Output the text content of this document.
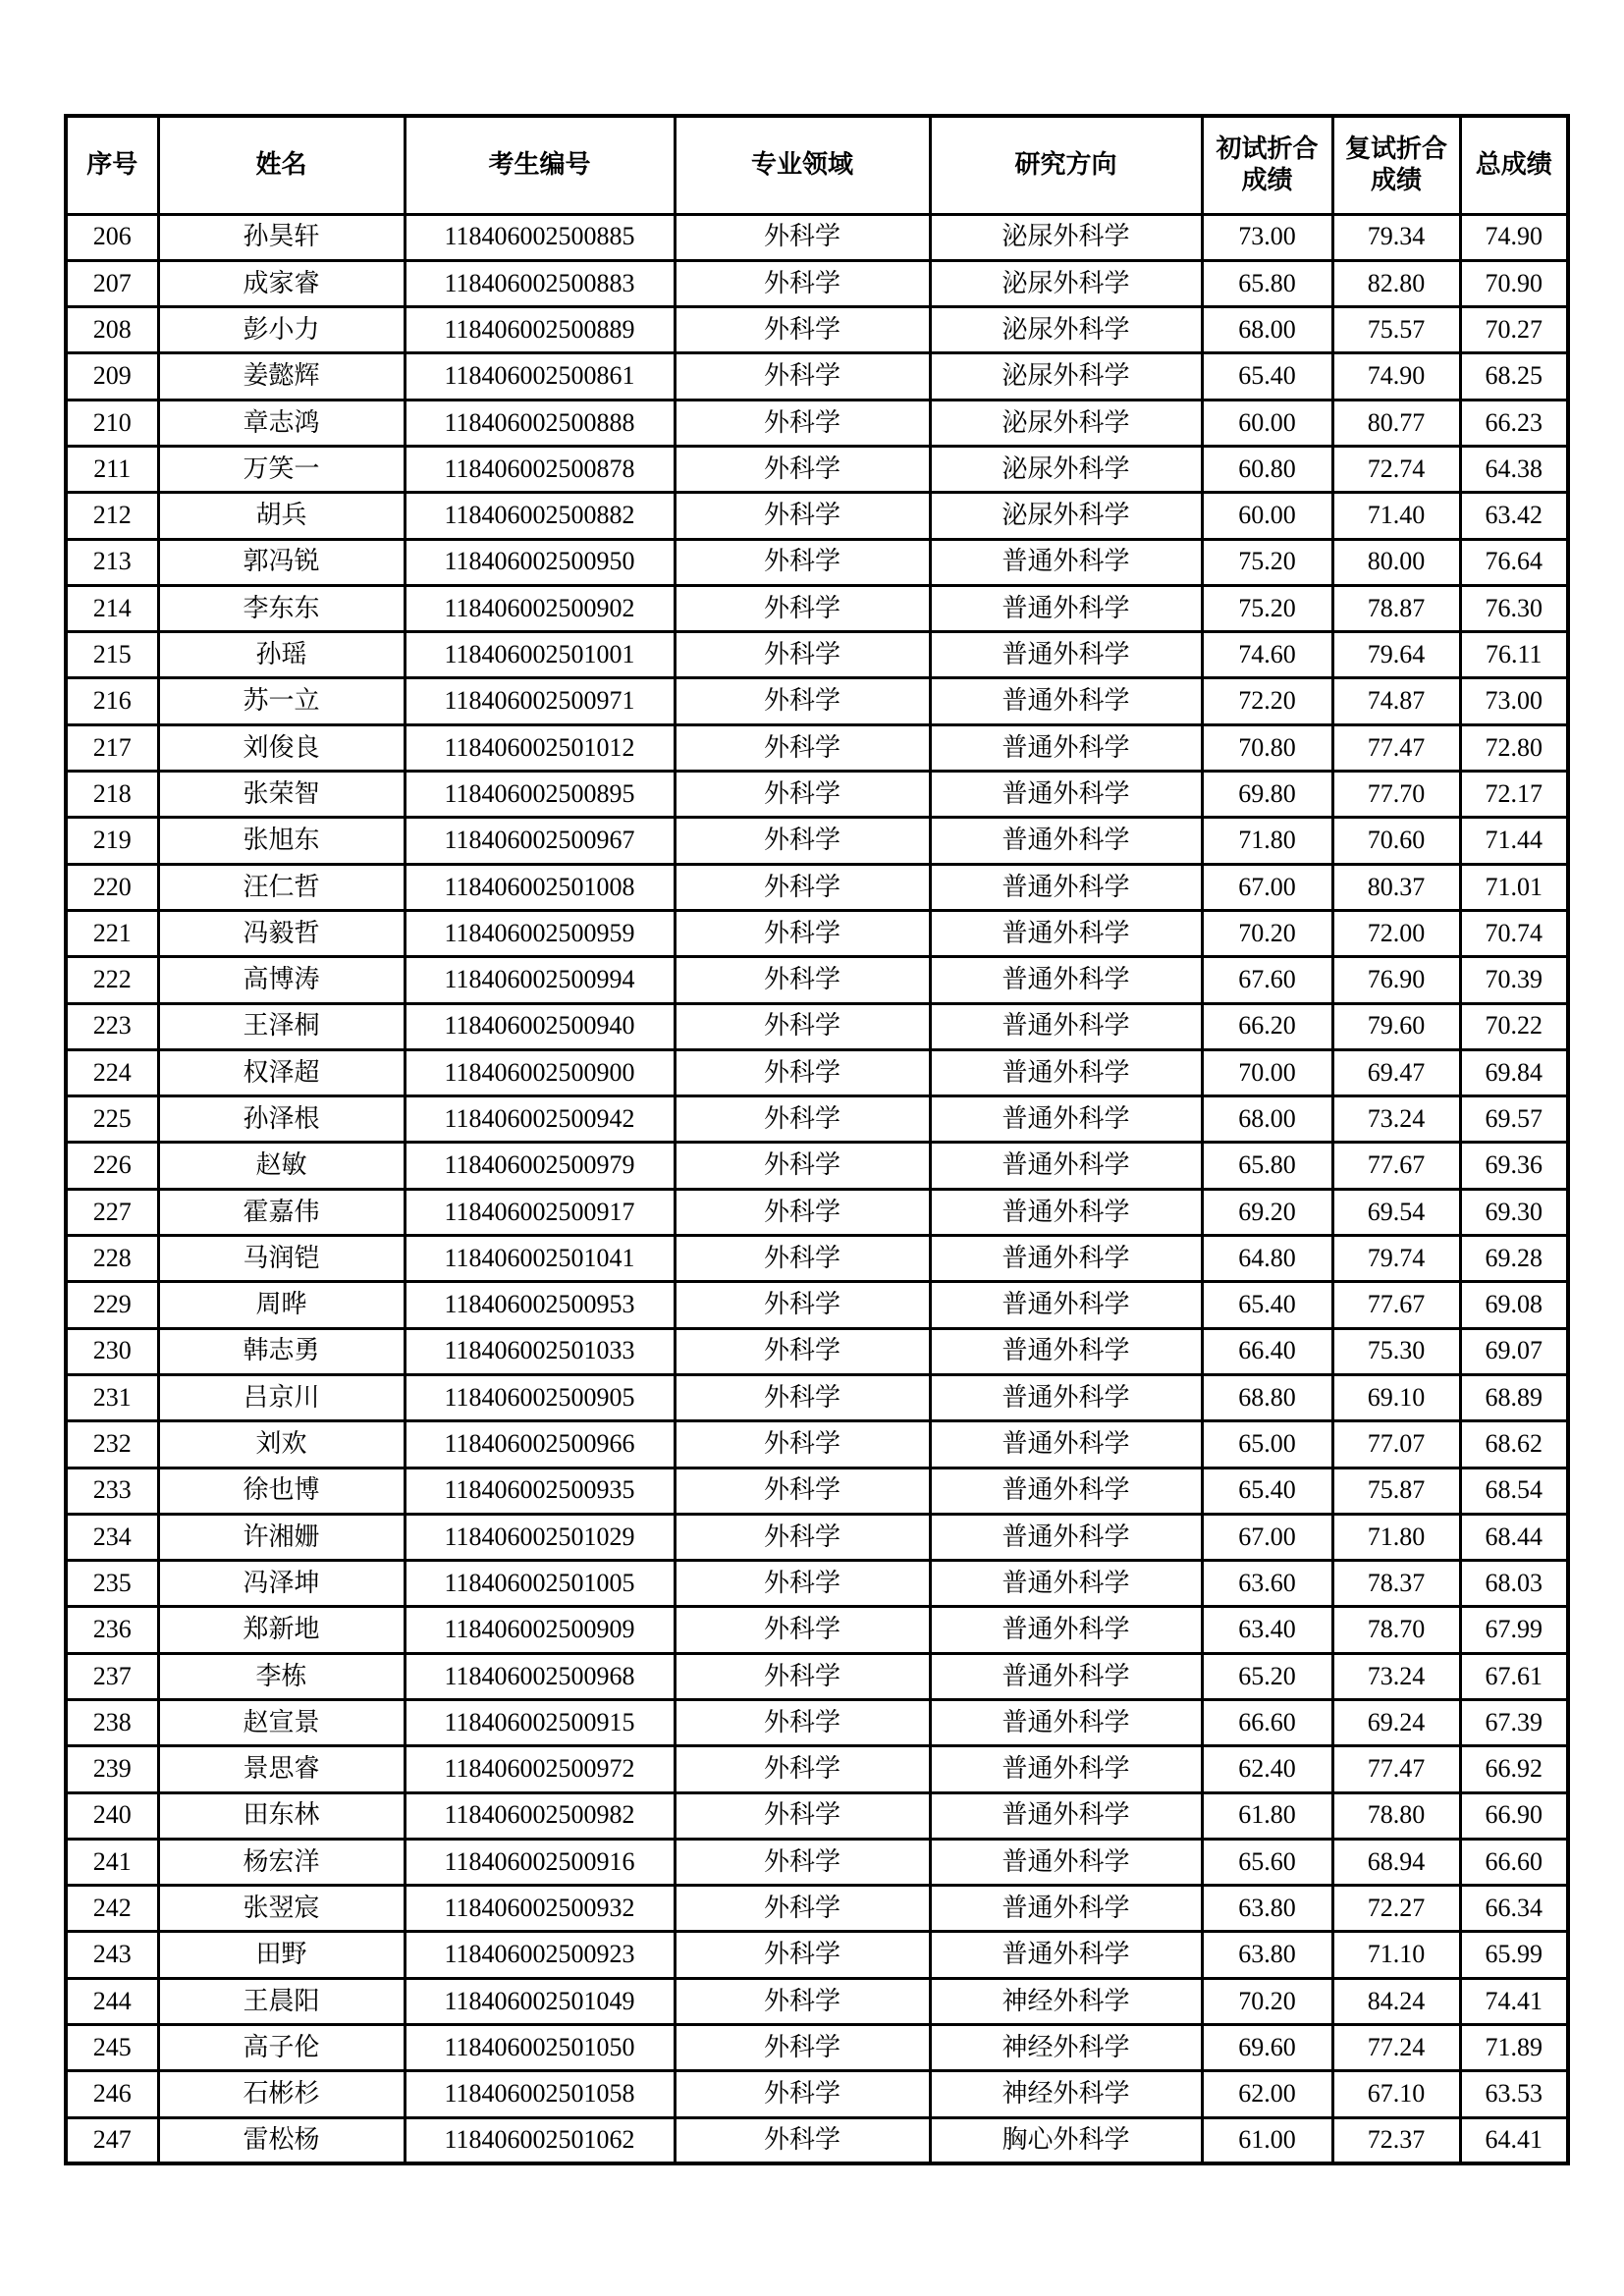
序号	姓名	考生编号	专业领域	研究方向	初试折合成绩	复试折合成绩	总成绩
206	孙昊轩	118406002500885	外科学	泌尿外科学	73.00	79.34	74.90
207	成家睿	118406002500883	外科学	泌尿外科学	65.80	82.80	70.90
208	彭小力	118406002500889	外科学	泌尿外科学	68.00	75.57	70.27
209	姜懿辉	118406002500861	外科学	泌尿外科学	65.40	74.90	68.25
210	章志鸿	118406002500888	外科学	泌尿外科学	60.00	80.77	66.23
211	万笑一	118406002500878	外科学	泌尿外科学	60.80	72.74	64.38
212	胡兵	118406002500882	外科学	泌尿外科学	60.00	71.40	63.42
213	郭冯锐	118406002500950	外科学	普通外科学	75.20	80.00	76.64
214	李东东	118406002500902	外科学	普通外科学	75.20	78.87	76.30
215	孙瑶	118406002501001	外科学	普通外科学	74.60	79.64	76.11
216	苏一立	118406002500971	外科学	普通外科学	72.20	74.87	73.00
217	刘俊良	118406002501012	外科学	普通外科学	70.80	77.47	72.80
218	张荣智	118406002500895	外科学	普通外科学	69.80	77.70	72.17
219	张旭东	118406002500967	外科学	普通外科学	71.80	70.60	71.44
220	汪仁哲	118406002501008	外科学	普通外科学	67.00	80.37	71.01
221	冯毅哲	118406002500959	外科学	普通外科学	70.20	72.00	70.74
222	高博涛	118406002500994	外科学	普通外科学	67.60	76.90	70.39
223	王泽桐	118406002500940	外科学	普通外科学	66.20	79.60	70.22
224	权泽超	118406002500900	外科学	普通外科学	70.00	69.47	69.84
225	孙泽根	118406002500942	外科学	普通外科学	68.00	73.24	69.57
226	赵敏	118406002500979	外科学	普通外科学	65.80	77.67	69.36
227	霍嘉伟	118406002500917	外科学	普通外科学	69.20	69.54	69.30
228	马润铠	118406002501041	外科学	普通外科学	64.80	79.74	69.28
229	周晔	118406002500953	外科学	普通外科学	65.40	77.67	69.08
230	韩志勇	118406002501033	外科学	普通外科学	66.40	75.30	69.07
231	吕京川	118406002500905	外科学	普通外科学	68.80	69.10	68.89
232	刘欢	118406002500966	外科学	普通外科学	65.00	77.07	68.62
233	徐也博	118406002500935	外科学	普通外科学	65.40	75.87	68.54
234	许湘姗	118406002501029	外科学	普通外科学	67.00	71.80	68.44
235	冯泽坤	118406002501005	外科学	普通外科学	63.60	78.37	68.03
236	郑新地	118406002500909	外科学	普通外科学	63.40	78.70	67.99
237	李栋	118406002500968	外科学	普通外科学	65.20	73.24	67.61
238	赵宣景	118406002500915	外科学	普通外科学	66.60	69.24	67.39
239	景思睿	118406002500972	外科学	普通外科学	62.40	77.47	66.92
240	田东林	118406002500982	外科学	普通外科学	61.80	78.80	66.90
241	杨宏洋	118406002500916	外科学	普通外科学	65.60	68.94	66.60
242	张翌宸	118406002500932	外科学	普通外科学	63.80	72.27	66.34
243	田野	118406002500923	外科学	普通外科学	63.80	71.10	65.99
244	王晨阳	118406002501049	外科学	神经外科学	70.20	84.24	74.41
245	高子伦	118406002501050	外科学	神经外科学	69.60	77.24	71.89
246	石彬杉	118406002501058	外科学	神经外科学	62.00	67.10	63.53
247	雷松杨	118406002501062	外科学	胸心外科学	61.00	72.37	64.41
